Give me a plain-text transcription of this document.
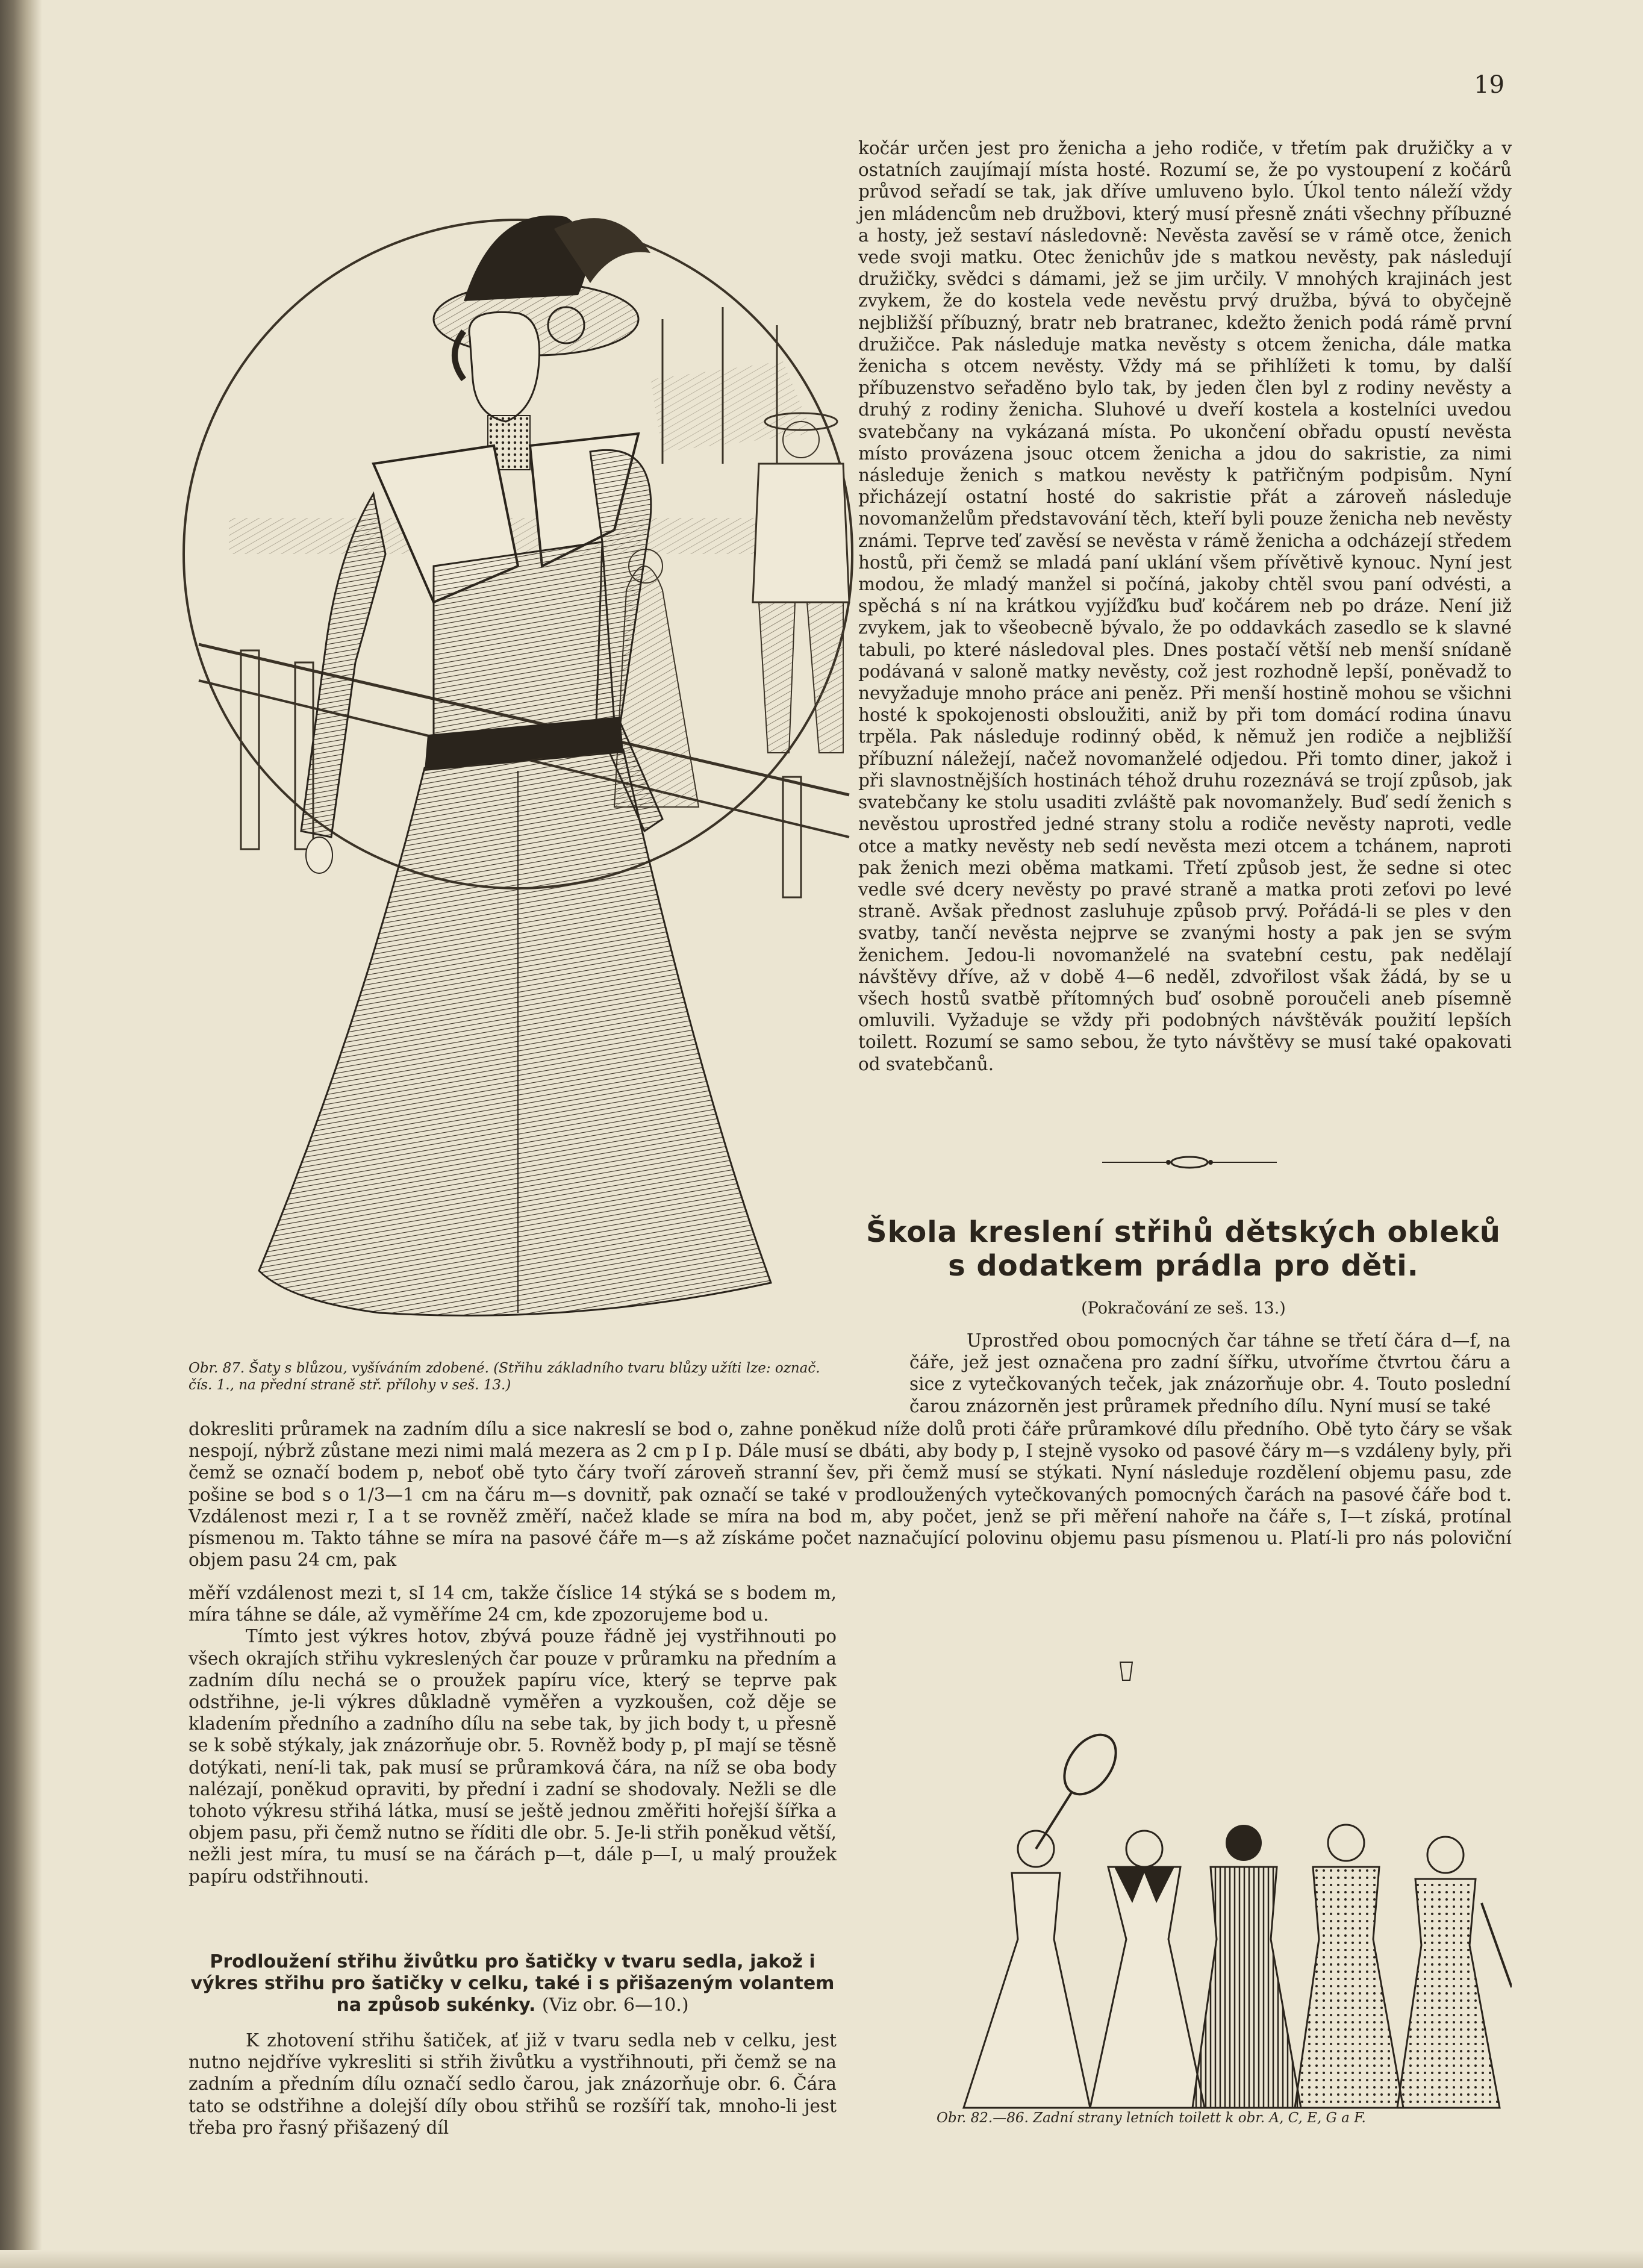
19
Obr. 87. Šaty s blůzou, vyšíváním zdobené. (Střihu základního tvaru blůzy užíti lze: označ. čís. 1., na přední straně stř. přílohy v seš. 13.)

kočár určen jest pro ženicha a jeho rodiče, v třetím pak družičky a v ostatních zaujímají místa hosté. Rozumí se, že po vystoupení z kočárů průvod seřadí se tak, jak dříve umluveno bylo. Úkol tento náleží vždy jen mládencům neb družbovi, který musí přesně znáti všechny příbuzné a hosty, jež sestaví následovně: Nevěsta zavěsí se v rámě otce, ženich vede svoji matku. Otec ženichův jde s matkou nevěsty, pak následují družičky, svědci s dámami, jež se jim určily. V mnohých krajinách jest zvykem, že do kostela vede nevěstu prvý družba, bývá to obyčejně nejbližší příbuzný, bratr neb bratranec, kdežto ženich podá rámě první družičce. Pak následuje matka nevěsty s otcem ženicha, dále matka ženicha s otcem nevěsty. Vždy má se přihlížeti k tomu, by další příbuzenstvo seřaděno bylo tak, by jeden člen byl z rodiny nevěsty a druhý z rodiny ženicha. Sluhové u dveří kostela a kostelníci uvedou svatebčany na vykázaná místa. Po ukončení obřadu opustí nevěsta místo provázena jsouc otcem ženicha a jdou do sakristie, za nimi následuje ženich s matkou nevěsty k patřičným podpisům. Nyní přicházejí ostatní hosté do sakristie přát a zároveň následuje novomanželům představování těch, kteří byli pouze ženicha neb nevěsty známi. Teprve teď zavěsí se nevěsta v rámě ženicha a odcházejí středem hostů, při čemž se mladá paní uklání všem přívětivě kynouc. Nyní jest modou, že mladý manžel si počíná, jakoby chtěl svou paní odvésti, a spěchá s ní na krátkou vyjížďku buď kočárem neb po dráze. Není již zvykem, jak to všeobecně bývalo, že po oddavkách zasedlo se k slavné tabuli, po které následoval ples. Dnes postačí větší neb menší snídaně podávaná v saloně matky nevěsty, což jest rozhodně lepší, poněvadž to nevyžaduje mnoho práce ani peněz. Při menší hostině mohou se všichni hosté k spokojenosti obsloužiti, aniž by při tom domácí rodina únavu trpěla. Pak následuje rodinný oběd, k němuž jen rodiče a nejbližší příbuzní náležejí, načež novomanželé odjedou. Při tomto diner, jakož i při slavnostnějších hostinách téhož druhu rozeznává se trojí způsob, jak svatebčany ke stolu usaditi zvláště pak novomanžely. Buď sedí ženich s nevěstou uprostřed jedné strany stolu a rodiče nevěsty naproti, vedle otce a matky nevěsty neb sedí nevěsta mezi otcem a tchánem, naproti pak ženich mezi oběma matkami. Třetí způsob jest, že sedne si otec vedle své dcery nevěsty po pravé straně a matka proti zeťovi po levé straně. Avšak přednost zasluhuje způsob prvý. Pořádá-li se ples v den svatby, tančí nevěsta nejprve se zvanými hosty a pak jen se svým ženichem. Jedou-li novomanželé na svatební cestu, pak nedělají návštěvy dříve, až v době 4—6 neděl, zdvořilost však žádá, by se u všech hostů svatbě přítomných buď osobně poroučeli aneb písemně omluvili. Vyžaduje se vždy při podobných návštěvák použití lepších toilett. Rozumí se samo sebou, že tyto návštěvy se musí také opakovati od svatebčanů.

Škola kreslení střihů dětských obleků
s dodatkem prádla pro děti.
(Pokračování ze seš. 13.)

Uprostřed obou pomocných čar táhne se třetí čára d—f, na čáře, jež jest označena pro zadní šířku, utvoříme čtvrtou čáru a sice z vytečkovaných teček, jak znázorňuje obr. 4. Touto poslední čarou znázorněn jest průramek předního dílu. Nyní musí se také

dokresliti průramek na zadním dílu a sice nakreslí se bod o, zahne poněkud níže dolů proti čáře průramkové dílu předního. Obě tyto čáry se však nespojí, nýbrž zůstane mezi nimi malá mezera as 2 cm p I p. Dále musí se dbáti, aby body p, I stejně vysoko od pasové čáry m—s vzdáleny byly, při čemž se označí bodem p, neboť obě tyto čáry tvoří zároveň stranní šev, při čemž musí se stýkati. Nyní následuje rozdělení objemu pasu, zde pošine se bod s o 1/3—1 cm na čáru m—s dovnitř, pak označí se také v prodloužených vytečkovaných pomocných čarách na pasové čáře bod t. Vzdálenost mezi r, I a t se rovněž změří, načež klade se míra na bod m, aby počet, jenž se při měření nahoře na čáře s, I—t získá, protínal písmenou m. Takto táhne se míra na pasové čáře m—s až získáme počet naznačující polovinu objemu pasu písmenou u. Platí-li pro nás poloviční objem pasu 24 cm, pak

měří vzdálenost mezi t, sI 14 cm, takže číslice 14 stýká se s bodem m, míra táhne se dále, až vyměříme 24 cm, kde zpozorujeme bod u.

Tímto jest výkres hotov, zbývá pouze řádně jej vystřihnouti po všech okrajích střihu vykreslených čar pouze v průramku na předním a zadním dílu nechá se o proužek papíru více, který se teprve pak odstřihne, je-li výkres důkladně vyměřen a vyzkoušen, což děje se kladením předního a zadního dílu na sebe tak, by jich body t, u přesně se k sobě stýkaly, jak znázorňuje obr. 5. Rovněž body p, pI mají se těsně dotýkati, není-li tak, pak musí se průramková čára, na níž se oba body nalézají, poněkud opraviti, by přední i zadní se shodovaly. Nežli se dle tohoto výkresu střihá látka, musí se ještě jednou změřiti hořejší šířka a objem pasu, při čemž nutno se říditi dle obr. 5. Je-li střih poněkud větší, nežli jest míra, tu musí se na čárách p—t, dále p—I, u malý proužek papíru odstřihnouti.

Prodloužení střihu živůtku pro šatičky v tvaru sedla, jakož i výkres střihu pro šatičky v celku, také i s přišazeným volantem na způsob sukénky. (Viz obr. 6—10.)

K zhotovení střihu šatiček, ať již v tvaru sedla neb v celku, jest nutno nejdříve vykresliti si střih živůtku a vystřihnouti, při čemž se na zadním a předním dílu označí sedlo čarou, jak znázorňuje obr. 6. Čára tato se odstřihne a dolejší díly obou střihů se rozšíří tak, mnoho-li jest třeba pro řasný přišazený díl	Obr. 82.—86. Zadní strany letních toilett k obr. A, C, E, G a F.
